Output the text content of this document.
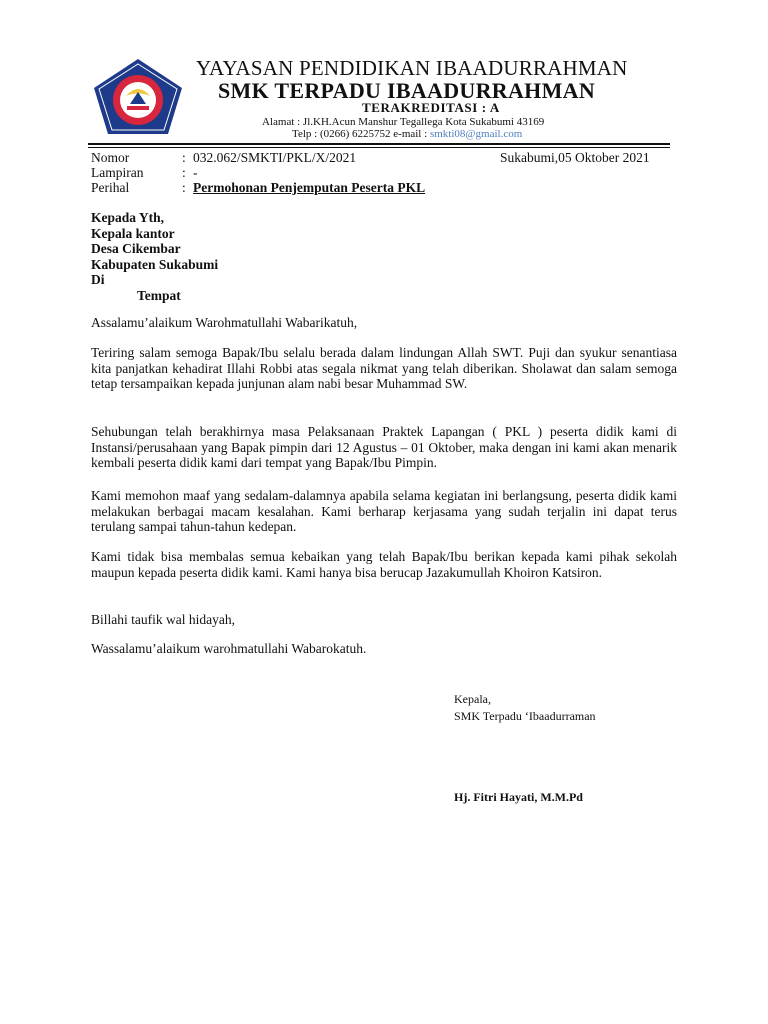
YAYASAN PENDIDIKAN IBAADURRAHMAN
SMK TERPADU IBAADURRAHMAN
TERAKREDITASI : A
Alamat : Jl.KH.Acun Manshur Tegallega Kota Sukabumi 43169
Telp : (0266) 6225752 e-mail : smkti08@gmail.com
Nomor	: 032.062/SMKTI/PKL/X/2021
Lampiran	: -
Perihal	: Permohonan Penjemputan Peserta PKL
Sukabumi,05 Oktober 2021
Kepada Yth,
Kepala kantor
Desa Cikembar
Kabupaten Sukabumi
Di
Tempat
Assalamu’alaikum Warohmatullahi Wabarikatuh,
Teriring salam semoga Bapak/Ibu selalu berada dalam lindungan Allah SWT. Puji dan syukur senantiasa kita panjatkan kehadirat Illahi Robbi atas segala nikmat yang telah diberikan. Sholawat dan salam semoga tetap tersampaikan kepada junjunan alam nabi besar Muhammad SW.
Sehubungan telah berakhirnya masa Pelaksanaan Praktek Lapangan ( PKL ) peserta didik kami di Instansi/perusahaan yang Bapak pimpin dari 12 Agustus – 01 Oktober, maka dengan ini kami akan menarik kembali peserta didik kami dari tempat yang Bapak/Ibu Pimpin.
Kami memohon maaf yang sedalam-dalamnya apabila selama kegiatan ini berlangsung, peserta didik kami melakukan berbagai macam kesalahan. Kami berharap kerjasama yang sudah terjalin ini dapat terus terulang sampai tahun-tahun kedepan.
Kami tidak bisa membalas semua kebaikan yang telah Bapak/Ibu berikan kepada kami pihak sekolah maupun kepada peserta didik kami. Kami hanya bisa berucap Jazakumullah Khoiron Katsiron.
Billahi taufik wal hidayah,
Wassalamu’alaikum warohmatullahi Wabarokatuh.
Kepala,
SMK Terpadu ‘Ibaadurraman
Hj. Fitri Hayati, M.M.Pd
